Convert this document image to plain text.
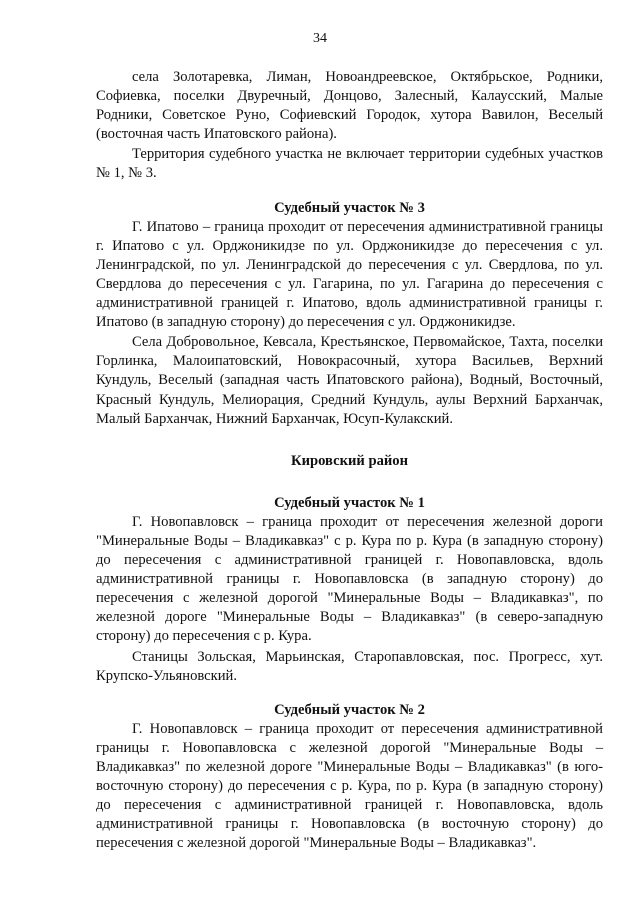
34

села Золотаревка, Лиман, Новоандреевское, Октябрьское, Родники, Софиевка, поселки Двуречный, Донцово, Залесный, Калаусский, Малые Родники, Советское Руно, Софиевский Городок, хутора Вавилон, Веселый (восточная часть Ипатовского района).

Территория судебного участка не включает территории судебных участков № 1, № 3.

Судебный участок № 3

Г. Ипатово – граница проходит от пересечения административной границы г. Ипатово с ул. Орджоникидзе по ул. Орджоникидзе до пересечения с ул. Ленинградской, по ул. Ленинградской до пересечения с ул. Свердлова, по ул. Свердлова до пересечения с ул. Гагарина, по ул. Гагарина до пересечения с административной границей г. Ипатово, вдоль административной границы г. Ипатово (в западную сторону) до пересечения с ул. Орджоникидзе.

Села Добровольное, Кевсала, Крестьянское, Первомайское, Тахта, поселки Горлинка, Малоипатовский, Новокрасочный, хутора Васильев, Верхний Кундуль, Веселый (западная часть Ипатовского района), Водный, Восточный, Красный Кундуль, Мелиорация, Средний Кундуль, аулы Верхний Барханчак, Малый Барханчак, Нижний Барханчак, Юсуп-Кулакский.

Кировский район
Судебный участок № 1

Г. Новопавловск – граница проходит от пересечения железной дороги "Минеральные Воды – Владикавказ" с р. Кура по р. Кура (в западную сторону) до пересечения с административной границей г. Новопавловска, вдоль административной границы г. Новопавловска (в западную сторону) до пересечения с железной дорогой "Минеральные Воды – Владикавказ", по железной дороге "Минеральные Воды – Владикавказ" (в северо-западную сторону) до пересечения с р. Кура.

Станицы Зольская, Марьинская, Старопавловская, пос. Прогресс, хут. Крупско-Ульяновский.

Судебный участок № 2

Г. Новопавловск – граница проходит от пересечения административной границы г. Новопавловска с железной дорогой "Минеральные Воды – Владикавказ" по железной дороге "Минеральные Воды – Владикавказ" (в юго-восточную сторону) до пересечения с р. Кура, по р. Кура (в западную сторону) до пересечения с административной границей г. Новопавловска, вдоль административной границы г. Новопавловска (в восточную сторону) до пересечения с железной дорогой "Минеральные Воды – Владикавказ".
